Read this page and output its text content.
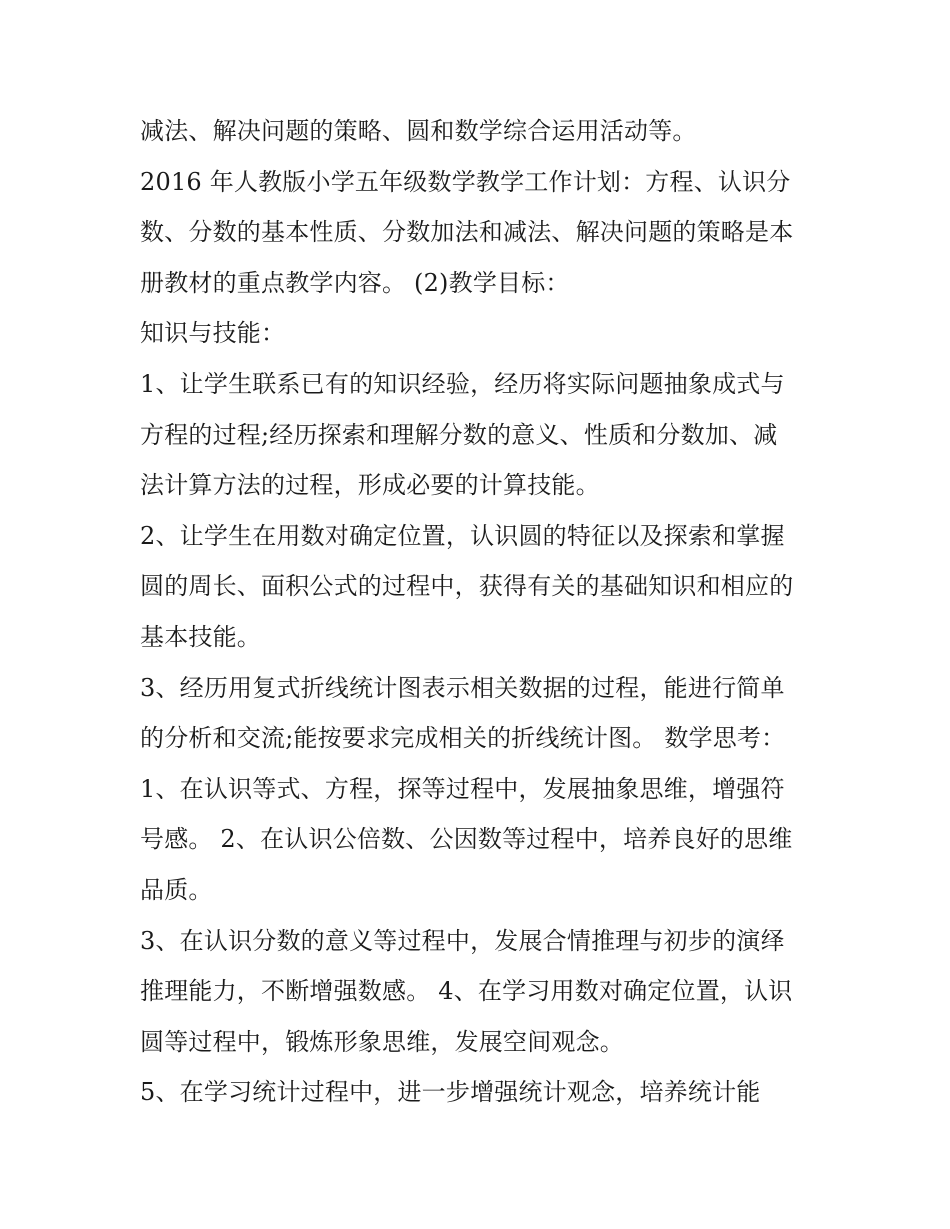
减法、解决问题的策略、圆和数学综合运用活动等。
2016 年人教版小学五年级数学教学工作计划：方程、认识分
数、分数的基本性质、分数加法和减法、解决问题的策略是本
册教材的重点教学内容。 (2)教学目标：
知识与技能：
1、让学生联系已有的知识经验，经历将实际问题抽象成式与
方程的过程;经历探索和理解分数的意义、性质和分数加、减
法计算方法的过程，形成必要的计算技能。
2、让学生在用数对确定位置，认识圆的特征以及探索和掌握
圆的周长、面积公式的过程中，获得有关的基础知识和相应的
基本技能。
3、经历用复式折线统计图表示相关数据的过程，能进行简单
的分析和交流;能按要求完成相关的折线统计图。 数学思考：
1、在认识等式、方程，探等过程中，发展抽象思维，增强符
号感。 2、在认识公倍数、公因数等过程中，培养良好的思维
品质。
3、在认识分数的意义等过程中，发展合情推理与初步的演绎
推理能力，不断增强数感。 4、在学习用数对确定位置，认识
圆等过程中，锻炼形象思维，发展空间观念。
5、在学习统计过程中，进一步增强统计观念，培养统计能
